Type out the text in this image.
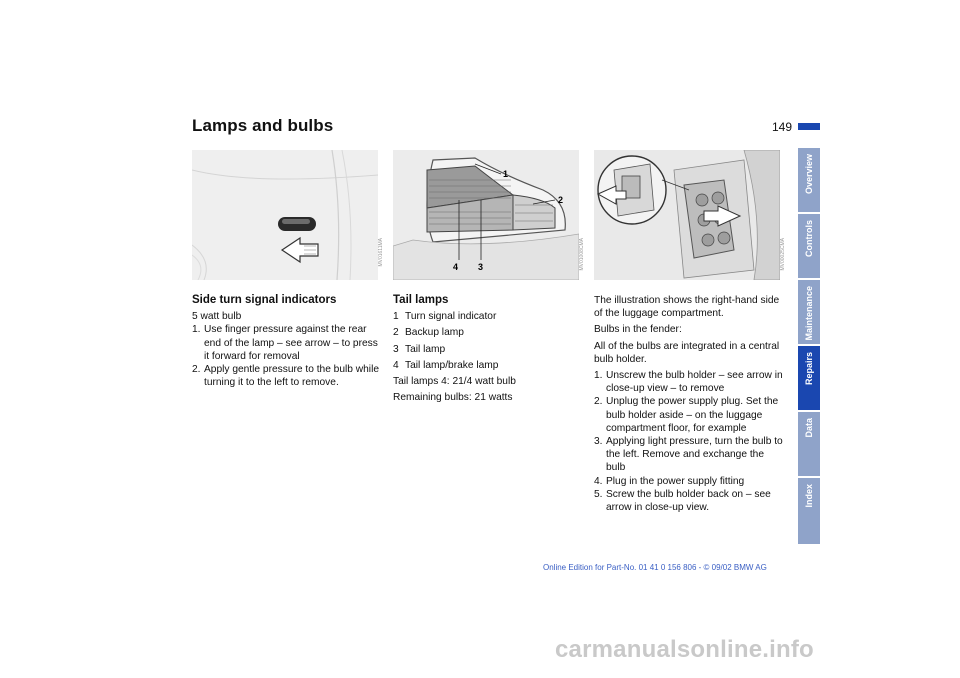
Lamps and bulbs	149
Overview
Controls
Maintenance
Repairs
Data
Index
MV01611MA
1
2
3
4	MV01008CMA	MV00025CMA
Side turn signal indicators

5 watt bulb

1. Use finger pressure against the rear end of the lamp – see arrow – to press it forward for removal
2. Apply gentle pressure to the bulb while turning it to the left to remove.
Tail lamps
1 Turn signal indicator
2 Backup lamp
3 Tail lamp
4 Tail lamp/brake lamp

Tail lamps 4: 21/4 watt bulb

Remaining bulbs: 21 watts

The illustration shows the right-hand side of the luggage compartment.

Bulbs in the fender:

All of the bulbs are integrated in a central bulb holder.

1. Unscrew the bulb holder – see arrow in close-up view – to remove
2. Unplug the power supply plug. Set the bulb holder aside – on the luggage compartment floor, for example
3. Applying light pressure, turn the bulb to the left. Remove and exchange the bulb
4. Plug in the power supply fitting
5. Screw the bulb holder back on – see arrow in close-up view.
Online Edition for Part-No. 01 41 0 156 806 - © 09/02 BMW AG
carmanualsonline.info
